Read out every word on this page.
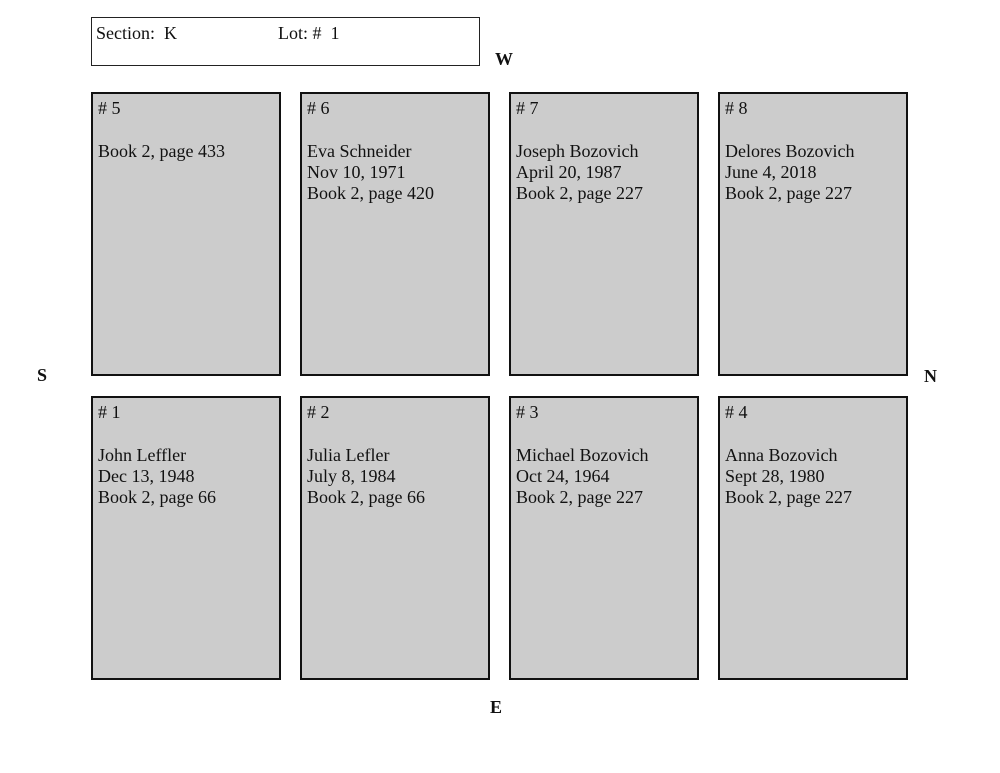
Section:  K	Lot: #  1
W
E
S	N
# 5
Book 2, page 433
# 6
Eva Schneider
Nov 10, 1971
Book 2, page 420
# 7
Joseph Bozovich
April 20, 1987
Book 2, page 227
# 8
Delores Bozovich
June 4, 2018
Book 2, page 227
# 1
John Leffler
Dec 13, 1948
Book 2, page 66
# 2
Julia Lefler
July 8, 1984
Book 2, page 66
# 3
Michael Bozovich
Oct 24, 1964
Book 2, page 227
# 4
Anna Bozovich
Sept 28, 1980
Book 2, page 227
